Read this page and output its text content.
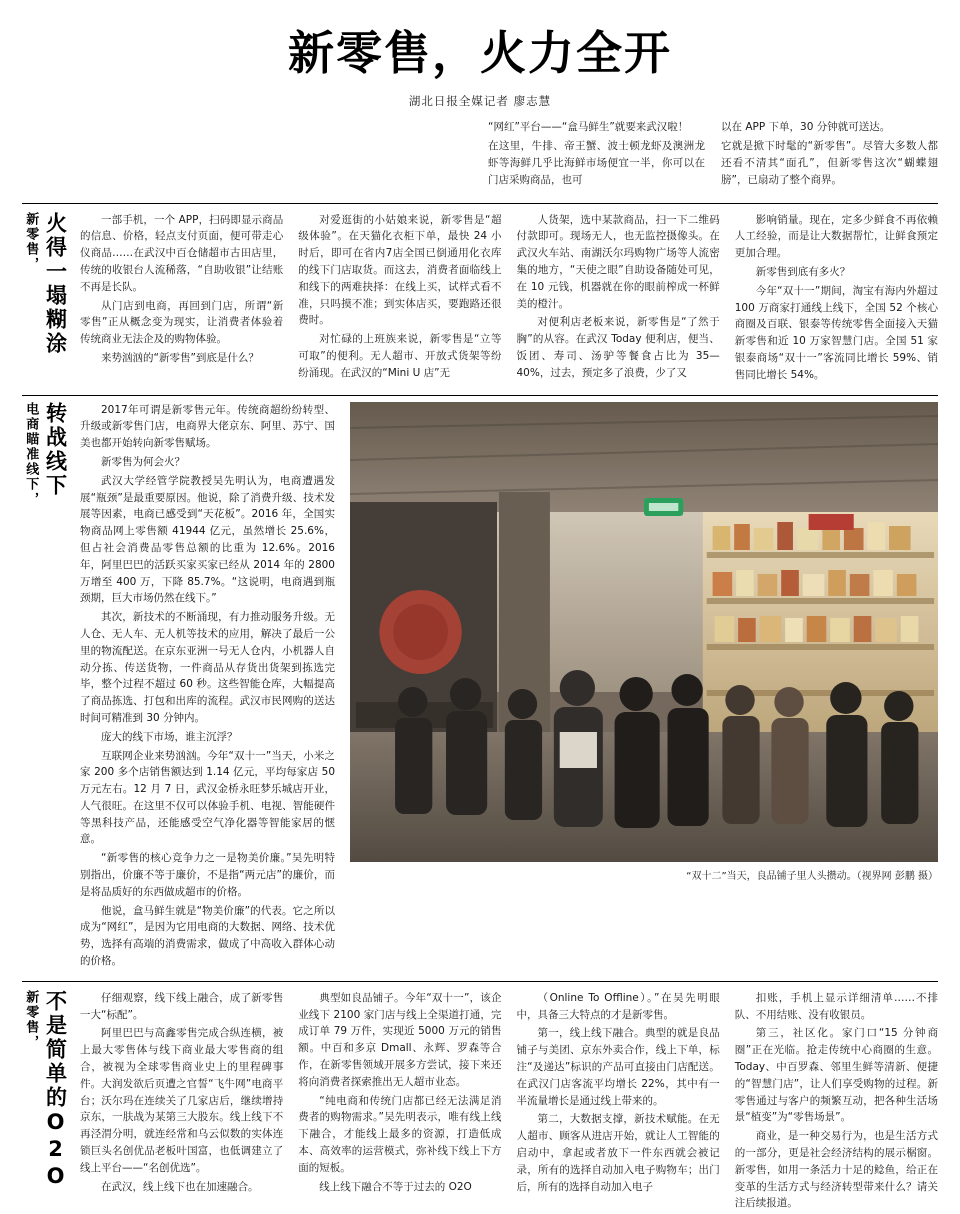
新零售，火力全开
湖北日报全媒记者 廖志慧

“网红”平台——“盒马鲜生”就要来武汉啦！

在这里，牛排、帝王蟹、波士顿龙虾及澳洲龙虾等海鲜几乎比海鲜市场便宜一半，你可以在门店采购商品，也可

以在 APP 下单，30 分钟就可送达。

它就是掀下时髦的“新零售”。尽管大多数人都还看不清其“面孔”，但新零售这次“蝴蝶翅膀”，已扇动了整个商界。

火得一塌糊涂
新零售，	一部手机，一个 APP，扫码即显示商品的信息、价格，轻点支付页面，便可带走心仪商品……在武汉中百仓储超市古田店里，传统的收银台人流稀落，“自助收银”让结账不再是长队。

从门店到电商，再回到门店，所谓“新零售”正从概念变为现实，让消费者体验着传统商业无法企及的购物体验。

来势汹汹的“新零售”到底是什么？

对爱逛街的小姑娘来说，新零售是“超级体验”。在天猫化衣柜下单，最快 24 小时后，即可在省内7店全国已倒通用化衣库的线下门店取货。而这去，消费者面临线上和线下的两难抉择：在线上买，试样式看不准，只吗摸不准；到实体店买，要跑路还很费时。

对忙碌的上班族来说，新零售是“立等可取”的便利。无人超市、开放式货架等纷纷涌现。在武汉的“Mini U 店”无

人货架，选中某款商品，扫一下二维码付款即可。现场无人，也无监控摄像头。在武汉火车站、南湖沃尔玛购物广场等人流密集的地方，“天使之眼”自助设备随处可见，在 10 元钱，机器就在你的眼前榨成一杯鲜美的橙汁。

对便利店老板来说，新零售是“了然于胸”的从容。在武汉 Today 便利店，便当、饭团、寿司、汤驴等餐食占比为 35—40%，过去，预定多了浪费，少了又

影响销量。现在，定多少鲜食不再依赖人工经验，而是让大数据帮忙，让鲜食预定更加合理。

新零售到底有多火？

今年“双十一”期间，淘宝有海内外超过 100 万商家打通线上线下，全国 52 个核心商圈及百联、银泰等传统零售全面接入天猫新零售和近 10 万家智慧门店。全国 51 家银泰商场“双十一”客流同比增长 59%、销售同比增长 54%。

转战线下
电商瞄准线下，	2017年可谓是新零售元年。传统商超纷纷转型、升级或新零售门店，电商界大佬京东、阿里、苏宁、国美也都开始转向新零售赋场。

新零售为何会火？

武汉大学经管学院教授吴先明认为，电商遭遇发展“瓶颈”是最重要原因。他说，除了消费升级、技术发展等因素，电商已感受到“天花板”。2016 年，全国实物商品网上零售额 41944 亿元，虽然增长 25.6%，但占社会消费品零售总额的比重为 12.6%。2016 年，阿里巴巴的活跃买家买家已经从 2014 年的 2800 万增至 400 万，下降 85.7%。“这说明，电商遇到瓶颈期，巨大市场仍然在线下。”

其次，新技术的不断涌现，有力推动服务升级。无人仓、无人车、无人机等技术的应用，解决了最后一公里的物流配送。在京东亚洲一号无人仓内，小机器人自动分拣、传送货物，一件商品从存货出货架到拣选完毕，整个过程不超过 60 秒。这些智能仓库，大幅提高了商品拣选、打包和出库的流程。武汉市民网购的送达时间可精准到 30 分钟内。

庞大的线下市场，谁主沉浮？

互联网企业来势汹汹。今年“双十一”当天，小米之家 200 多个店销售额达到 1.14 亿元，平均每家店 50 万元左右。12 月 7 日，武汉金桥永旺梦乐城店开业，人气很旺。在这里不仅可以体验手机、电视、智能硬件等黑科技产品，还能感受空气净化器等智能家居的惬意。

“新零售的核心竞争力之一是物美价廉。”吴先明特别指出，价廉不等于廉价，不是指“两元店”的廉价，而是将品质好的东西做成超市的价格。

他说，盒马鲜生就是“物美价廉”的代表。它之所以成为“网红”，是因为它用电商的大数据、网络、技术优势，选择有高端的消费需求，做成了中高收入群体心动的价格。

“双十二”当天，良品铺子里人头攒动。（视界网 彭鹏 摄）
不是简单的O2O
新零售，	仔细观察，线下线上融合，成了新零售一大“标配”。

阿里巴巴与高鑫零售完成合纵连横，被上最大零售体与线下商业最大零售商的组合，被视为全球零售商业史上的里程碑事件。大润发欲后页遭之官誓“飞牛网”电商平台；沃尔玛在连续关了几家店后，继续增持京东，一肤战为某第三大股东。线上线下不再泾渭分明，就连经常和乌云似数的实体连锁巨头名创优品老板叶国富，也低调建立了线上平台——“名创优选”。

在武汉，线上线下也在加速融合。

典型如良品铺子。今年“双十一”，该企业线下 2100 家门店与线上全渠道打通，完成订单 79 万件，实现近 5000 万元的销售额。中百和多京 Dmall、永辉、罗森等合作，在新零售领域开展多方尝试，接下来还将向消费者探索推出无人超市业态。

“纯电商和传统门店都已经无法满足消费者的购物需求。”吴先明表示，唯有线上线下融合，才能线上最多的资源，打造低成本、高效率的运营模式，弥补线下线上下方面的短板。

线上线下融合不等于过去的 O2O

（Online To Offline）。”在吴先明眼中，具备三大特点的才是新零售。

第一，线上线下融合。典型的就是良品铺子与美团、京东外卖合作，线上下单，标注“及递达”标识的产品可直接由门店配送。在武汉门店客流平均增长 22%，其中有一半流量增长是通过线上带来的。

第二，大数据支撑，新技术赋能。在无人超市、顾客从进店开始，就让人工智能的启动中，拿起或者放下一件东西就会被记录，所有的选择自动加入电子购物车；出门后，所有的选择自动加入电子

扣账，手机上显示详细清单……不排队、不用结账、没有收银员。

第三，社区化。家门口“15 分钟商圈”正在光临。抢走传统中心商圈的生意。Today、中百罗森、邻里生鲜等清新、便捷的“智慧门店”，让人们享受购物的过程。新零售通过与客户的频繁互动，把各种生活场景“植变”为“零售场景”。

商业，是一种交易行为，也是生活方式的一部分，更是社会经济结构的展示榍窗。新零售，如用一条活力十足的鲶鱼，给正在变革的生活方式与经济转型带来什么？请关注后续报道。
